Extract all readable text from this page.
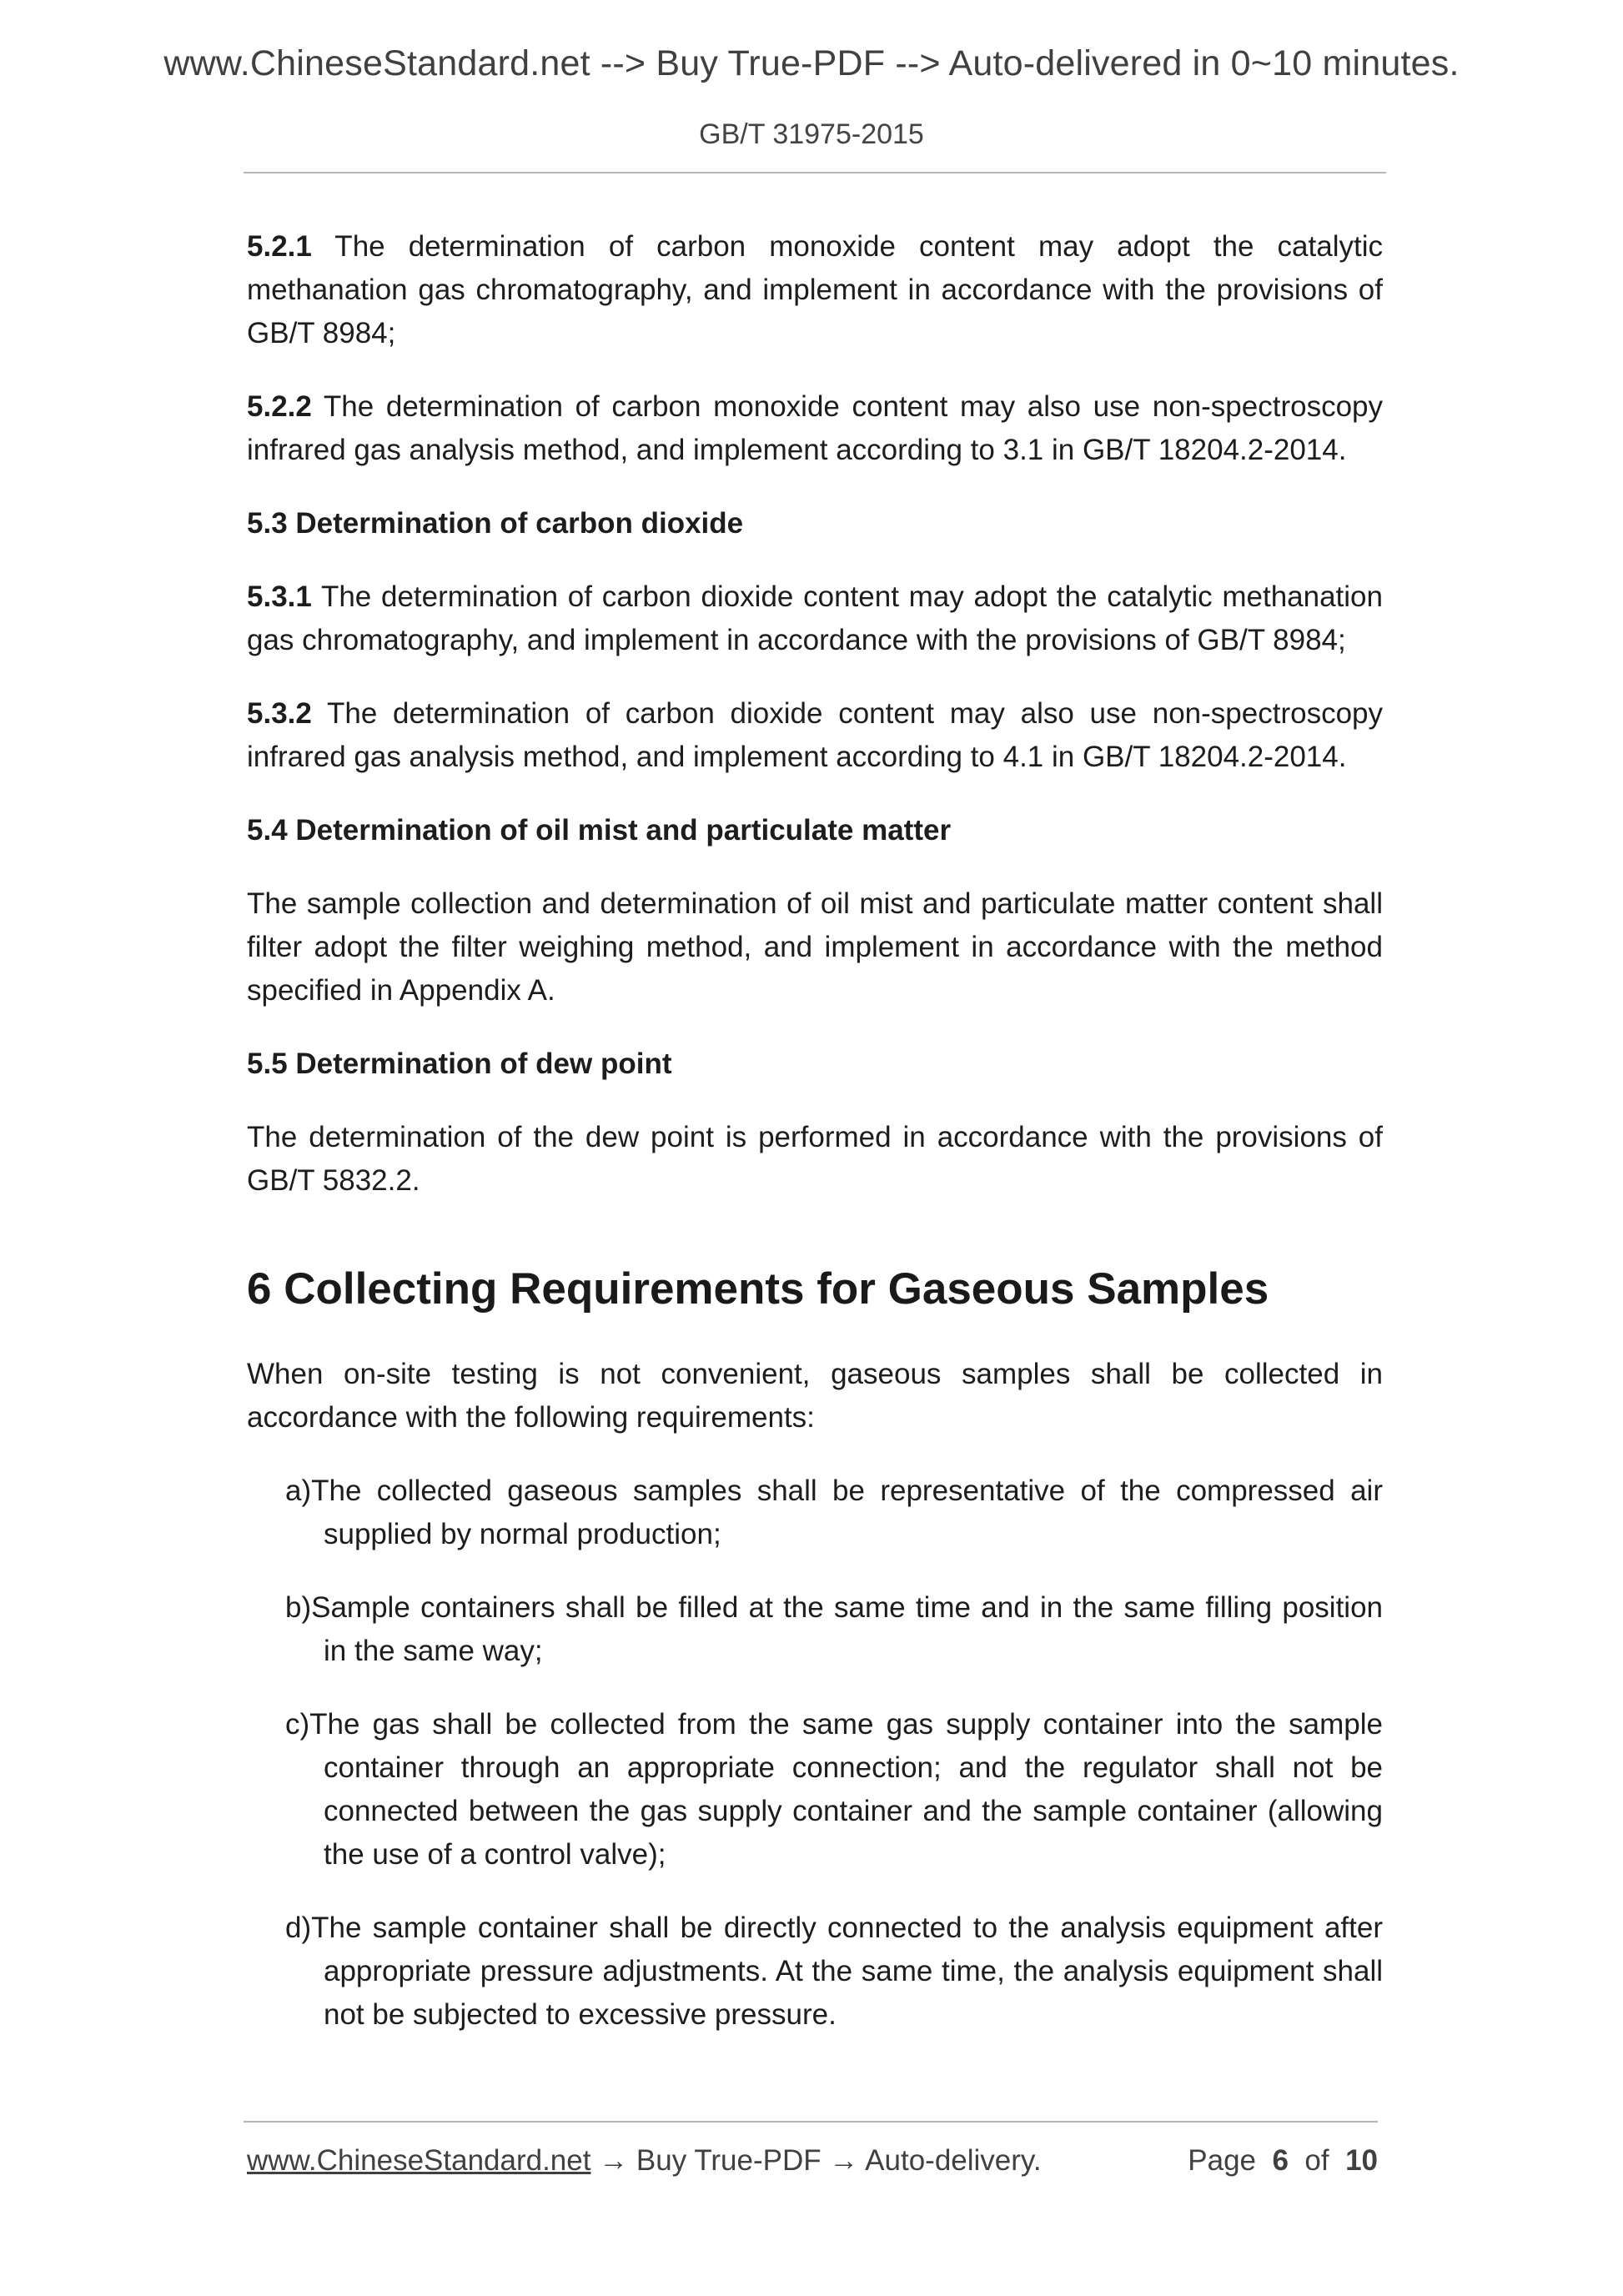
www.ChineseStandard.net --> Buy True-PDF --> Auto-delivered in 0~10 minutes.
GB/T 31975-2015

5.2.1 The determination of carbon monoxide content may adopt the catalytic methanation gas chromatography, and implement in accordance with the provisions of GB/T 8984;

5.2.2 The determination of carbon monoxide content may also use non-spectroscopy infrared gas analysis method, and implement according to 3.1 in GB/T 18204.2-2014.

5.3 Determination of carbon dioxide

5.3.1 The determination of carbon dioxide content may adopt the catalytic methanation gas chromatography, and implement in accordance with the provisions of GB/T 8984;

5.3.2 The determination of carbon dioxide content may also use non-spectroscopy infrared gas analysis method, and implement according to 4.1 in GB/T 18204.2-2014.

5.4 Determination of oil mist and particulate matter

The sample collection and determination of oil mist and particulate matter content shall filter adopt the filter weighing method, and implement in accordance with the method specified in Appendix A.

5.5 Determination of dew point

The determination of the dew point is performed in accordance with the provisions of GB/T 5832.2.

6 Collecting Requirements for Gaseous Samples

When on-site testing is not convenient, gaseous samples shall be collected in accordance with the following requirements:

a)The collected gaseous samples shall be representative of the compressed air supplied by normal production;

b)Sample containers shall be filled at the same time and in the same filling position in the same way;

c)The gas shall be collected from the same gas supply container into the sample container through an appropriate connection; and the regulator shall not be connected between the gas supply container and the sample container (allowing the use of a control valve);

d)The sample container shall be directly connected to the analysis equipment after appropriate pressure adjustments. At the same time, the analysis equipment shall not be subjected to excessive pressure.

www.ChineseStandard.net → Buy True-PDF → Auto-delivery.	Page 6 of 10
